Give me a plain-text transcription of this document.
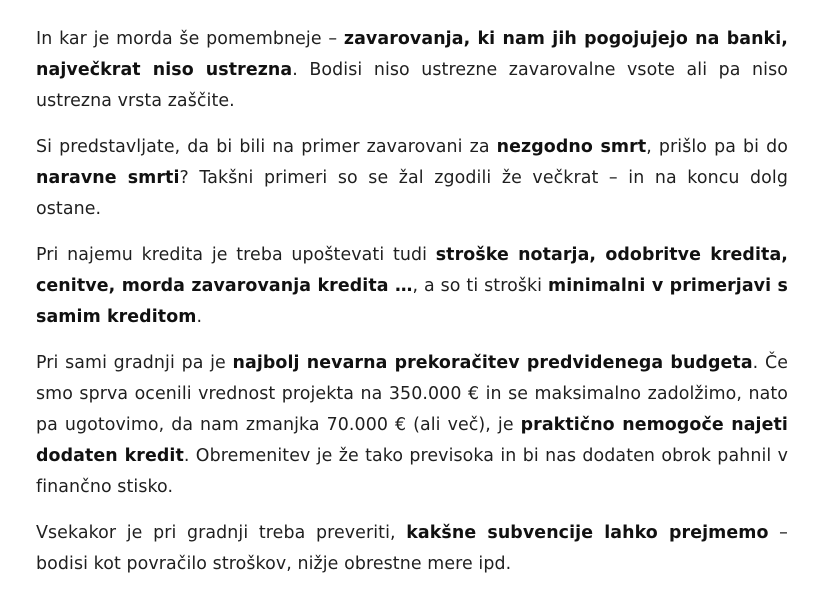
In kar je morda še pomembneje – zavarovanja, ki nam jih pogojujejo na banki, največkrat niso ustrezna. Bodisi niso ustrezne zavarovalne vsote ali pa niso ustrezna vrsta zaščite.

Si predstavljate, da bi bili na primer zavarovani za nezgodno smrt, prišlo pa bi do naravne smrti? Takšni primeri so se žal zgodili že večkrat – in na koncu dolg ostane.

Pri najemu kredita je treba upoštevati tudi stroške notarja, odobritve kredita, cenitve, morda zavarovanja kredita …, a so ti stroški minimalni v primerjavi s samim kreditom.

Pri sami gradnji pa je najbolj nevarna prekoračitev predvidenega budgeta. Če smo sprva ocenili vrednost projekta na 350.000 € in se maksimalno zadolžimo, nato pa ugotovimo, da nam zmanjka 70.000 € (ali več), je praktično nemogoče najeti dodaten kredit. Obremenitev je že tako previsoka in bi nas dodaten obrok pahnil v finančno stisko.

Vsekakor je pri gradnji treba preveriti, kakšne subvencije lahko prejmemo – bodisi kot povračilo stroškov, nižje obrestne mere ipd.
